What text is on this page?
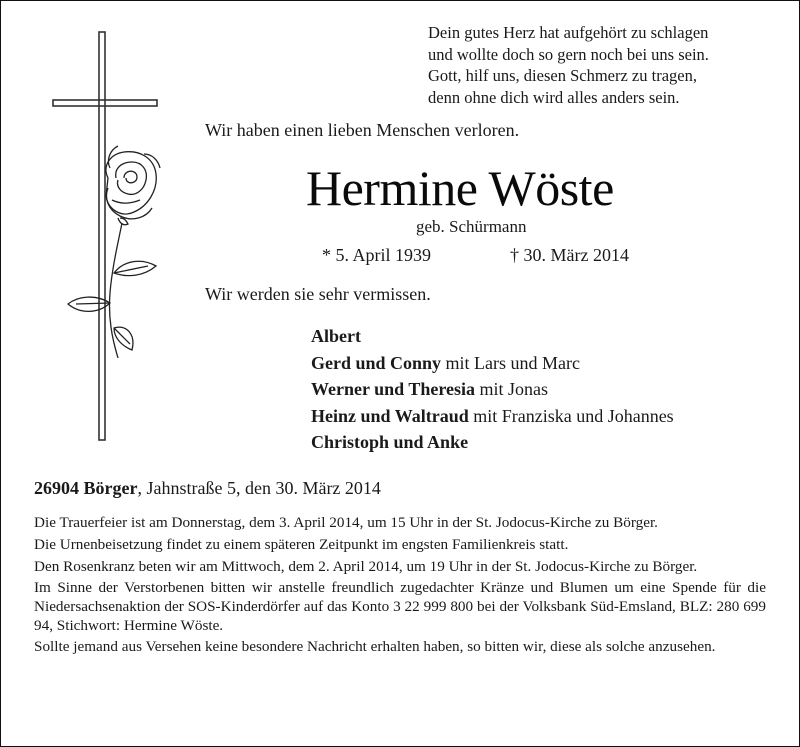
Dein gutes Herz hat aufgehört zu schlagen
und wollte doch so gern noch bei uns sein.
Gott, hilf uns, diesen Schmerz zu tragen,
denn ohne dich wird alles anders sein.
Wir haben einen lieben Menschen verloren.
Hermine Wöste
geb. Schürmann
* 5. April 1939	† 30. März 2014
Wir werden sie sehr vermissen.
Albert
Gerd und Conny mit Lars und Marc
Werner und Theresia mit Jonas
Heinz und Waltraud mit Franziska und Johannes
Christoph und Anke
26904 Börger, Jahnstraße 5, den 30. März 2014

Die Trauerfeier ist am Donnerstag, dem 3. April 2014, um 15 Uhr in der St. Jodocus-Kirche zu Börger.

Die Urnenbeisetzung findet zu einem späteren Zeitpunkt im engsten Familienkreis statt.

Den Rosenkranz beten wir am Mittwoch, dem 2. April 2014, um 19 Uhr in der St. Jodocus-Kirche zu Börger.

Im Sinne der Verstorbenen bitten wir anstelle freundlich zugedachter Kränze und Blumen um eine Spende für die Niedersachsenaktion der SOS-Kinderdörfer auf das Konto 3 22 999 800 bei der Volksbank Süd-Emsland, BLZ: 280 699 94, Stichwort: Hermine Wöste.

Sollte jemand aus Versehen keine besondere Nachricht erhalten haben, so bitten wir, diese als solche anzusehen.
